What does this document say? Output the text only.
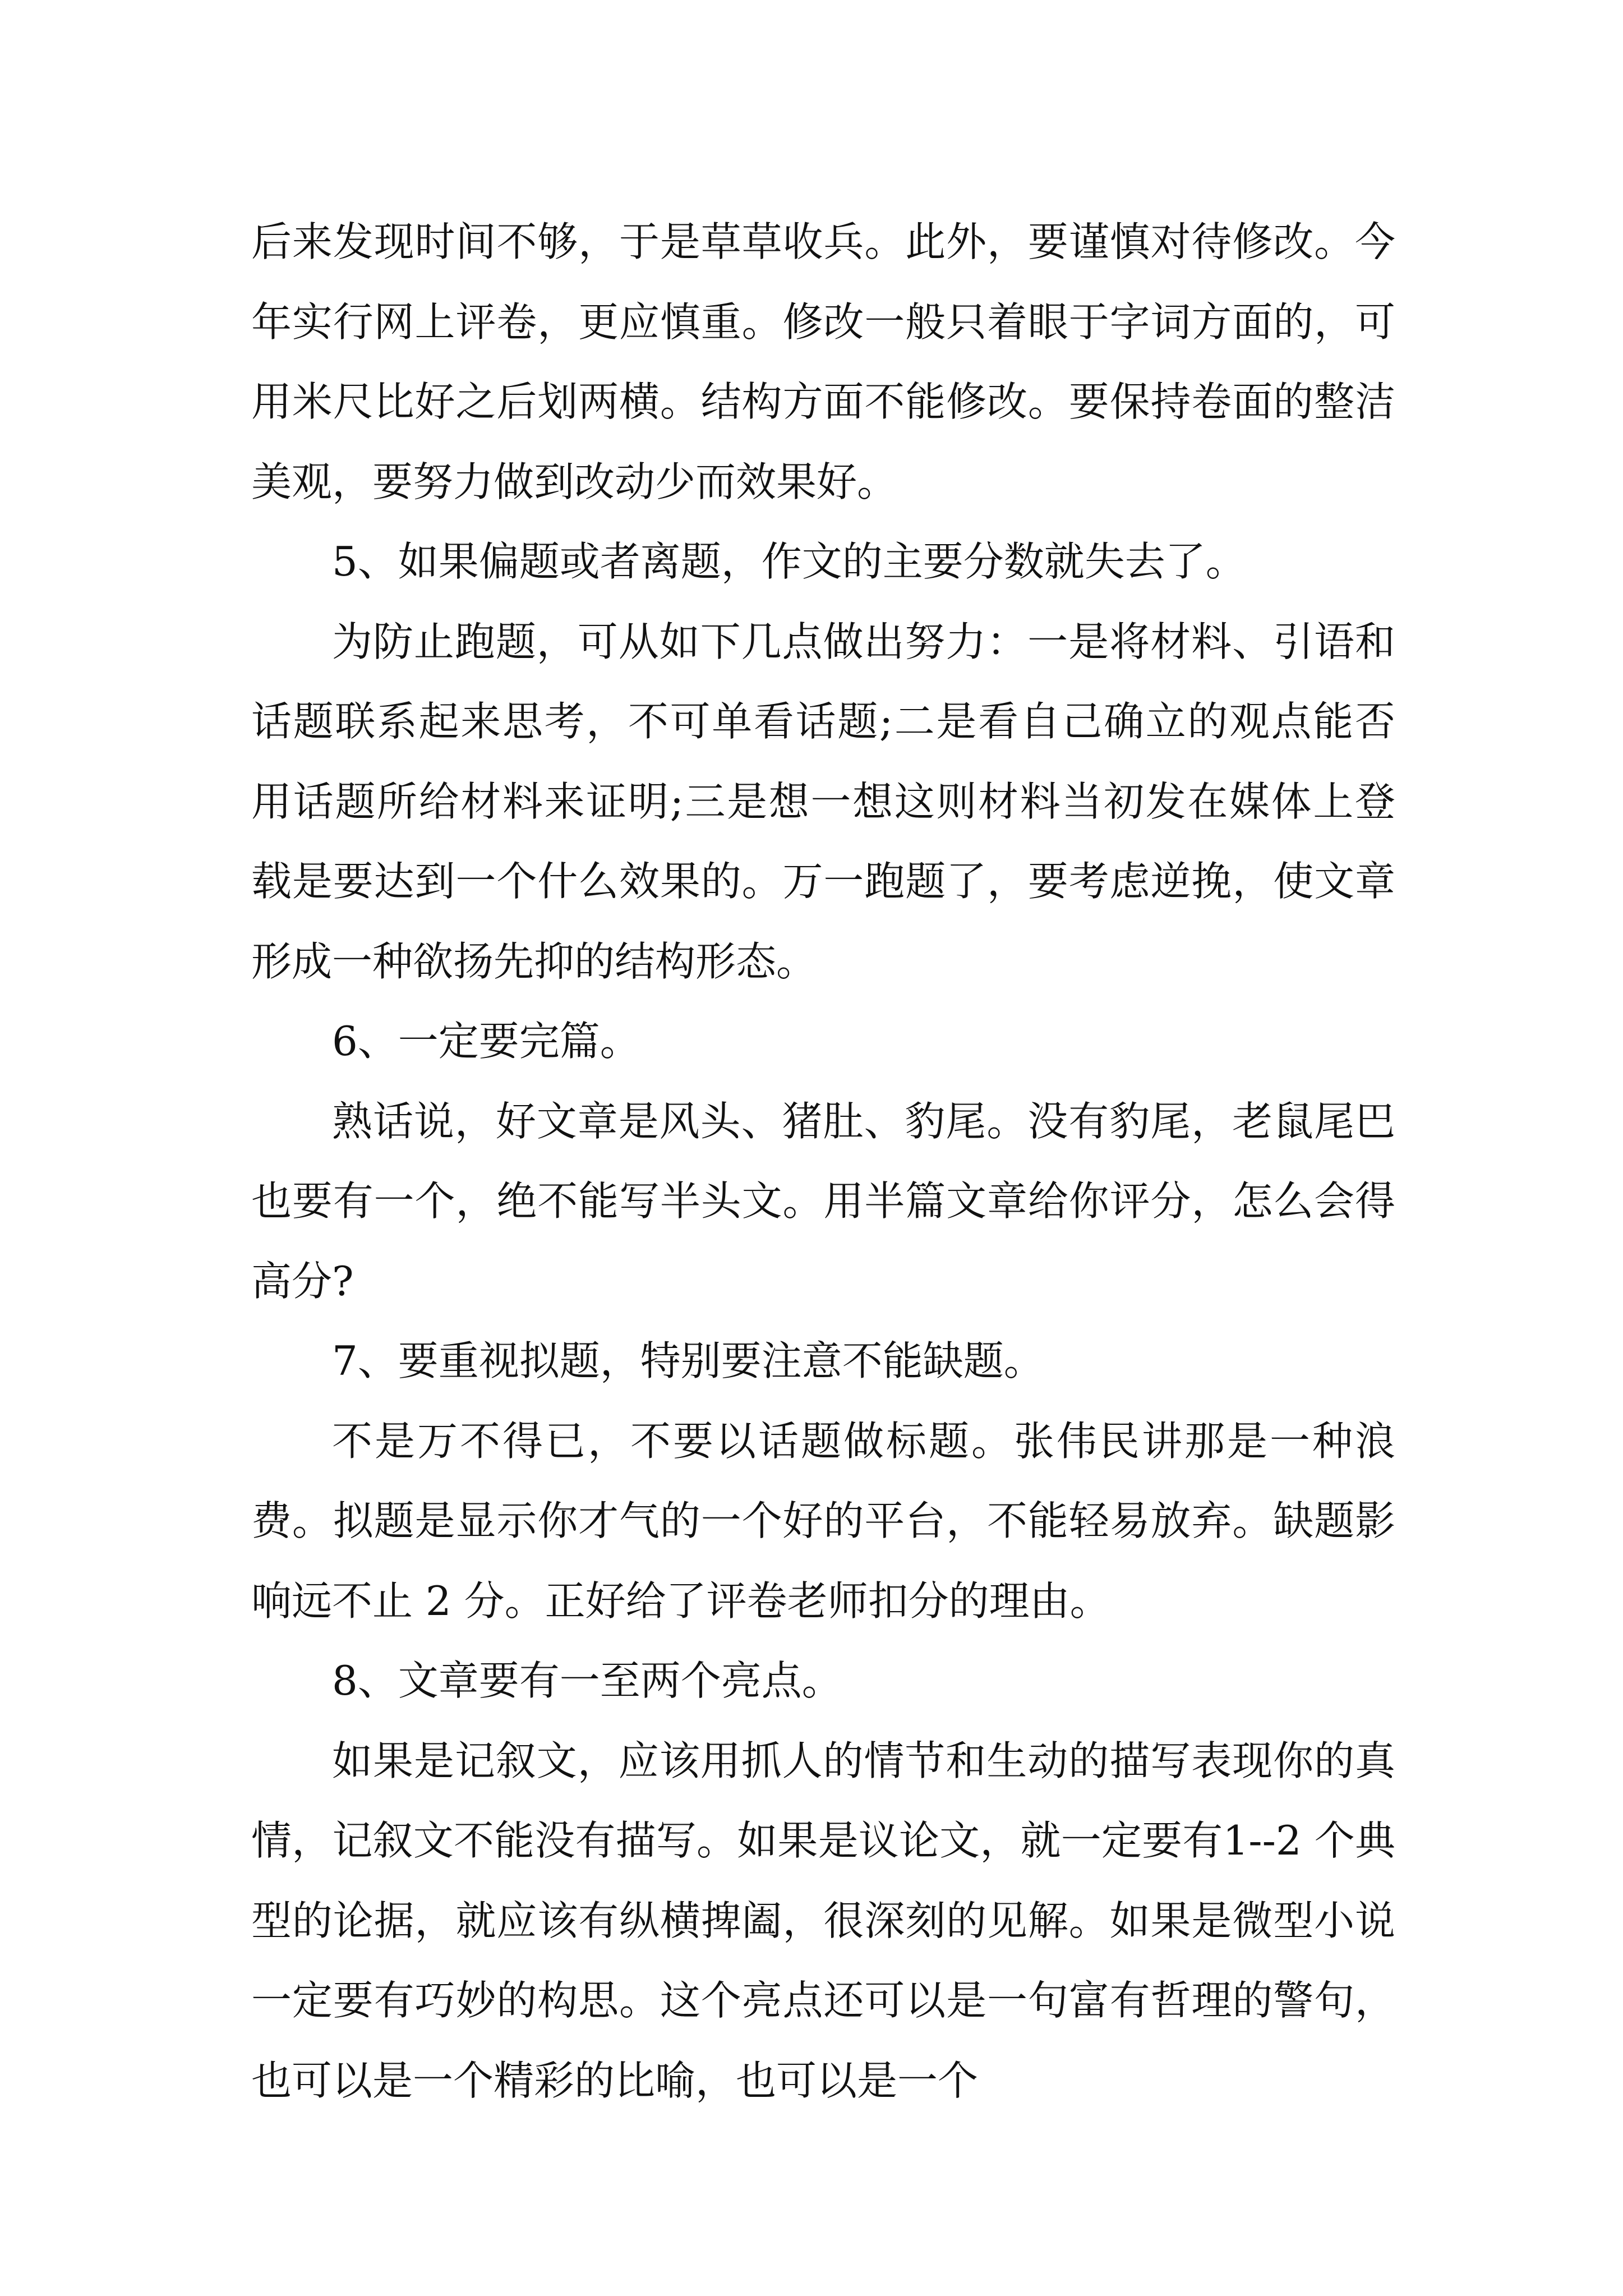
后来发现时间不够，于是草草收兵。此外，要谨慎对待修改。今年实行网上评卷，更应慎重。修改一般只着眼于字词方面的，可用米尺比好之后划两横。结构方面不能修改。要保持卷面的整洁美观，要努力做到改动少而效果好。

5、如果偏题或者离题，作文的主要分数就失去了。

为防止跑题，可从如下几点做出努力：一是将材料、引语和话题联系起来思考，不可单看话题;二是看自己确立的观点能否用话题所给材料来证明;三是想一想这则材料当初发在媒体上登载是要达到一个什么效果的。万一跑题了，要考虑逆挽，使文章形成一种欲扬先抑的结构形态。

6、一定要完篇。

熟话说，好文章是风头、猪肚、豹尾。没有豹尾，老鼠尾巴也要有一个，绝不能写半头文。用半篇文章给你评分，怎么会得高分?

7、要重视拟题，特别要注意不能缺题。

不是万不得已，不要以话题做标题。张伟民讲那是一种浪费。拟题是显示你才气的一个好的平台，不能轻易放弃。缺题影响远不止 2 分。正好给了评卷老师扣分的理由。

8、文章要有一至两个亮点。

如果是记叙文，应该用抓人的情节和生动的描写表现你的真情，记叙文不能没有描写。如果是议论文，就一定要有1--2 个典型的论据，就应该有纵横捭阖，很深刻的见解。如果是微型小说一定要有巧妙的构思。这个亮点还可以是一句富有哲理的警句，也可以是一个精彩的比喻，也可以是一个
